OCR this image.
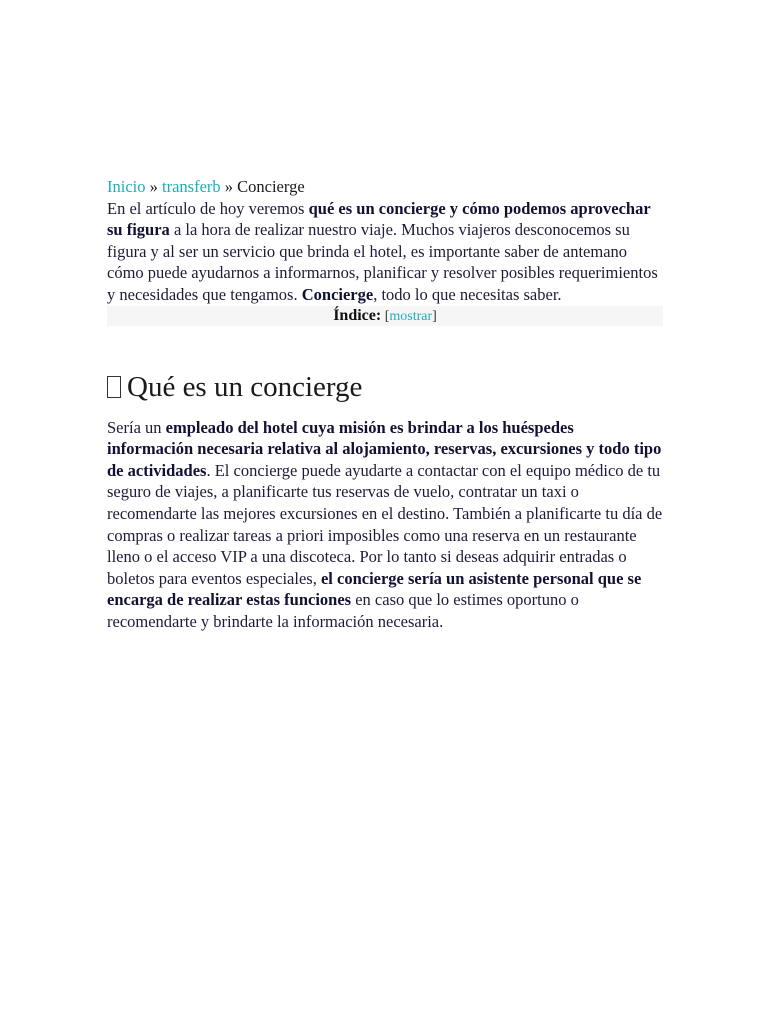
Inicio » transferb » Concierge

En el artículo de hoy veremos qué es un concierge y cómo podemos aprovechar su figura a la hora de realizar nuestro viaje. Muchos viajeros desconocemos su figura y al ser un servicio que brinda el hotel, es importante saber de antemano cómo puede ayudarnos a informarnos, planificar y resolver posibles requerimientos y necesidades que tengamos. Concierge, todo lo que necesitas saber.

Índice: [mostrar]
Qué es un concierge

Sería un empleado del hotel cuya misión es brindar a los huéspedes información necesaria relativa al alojamiento, reservas, excursiones y todo tipo de actividades. El concierge puede ayudarte a contactar con el equipo médico de tu seguro de viajes, a planificarte tus reservas de vuelo, contratar un taxi o recomendarte las mejores excursiones en el destino. También a planificarte tu día de compras o realizar tareas a priori imposibles como una reserva en un restaurante lleno o el acceso VIP a una discoteca. Por lo tanto si deseas adquirir entradas o boletos para eventos especiales, el concierge sería un asistente personal que se encarga de realizar estas funciones en caso que lo estimes oportuno o recomendarte y brindarte la información necesaria.
